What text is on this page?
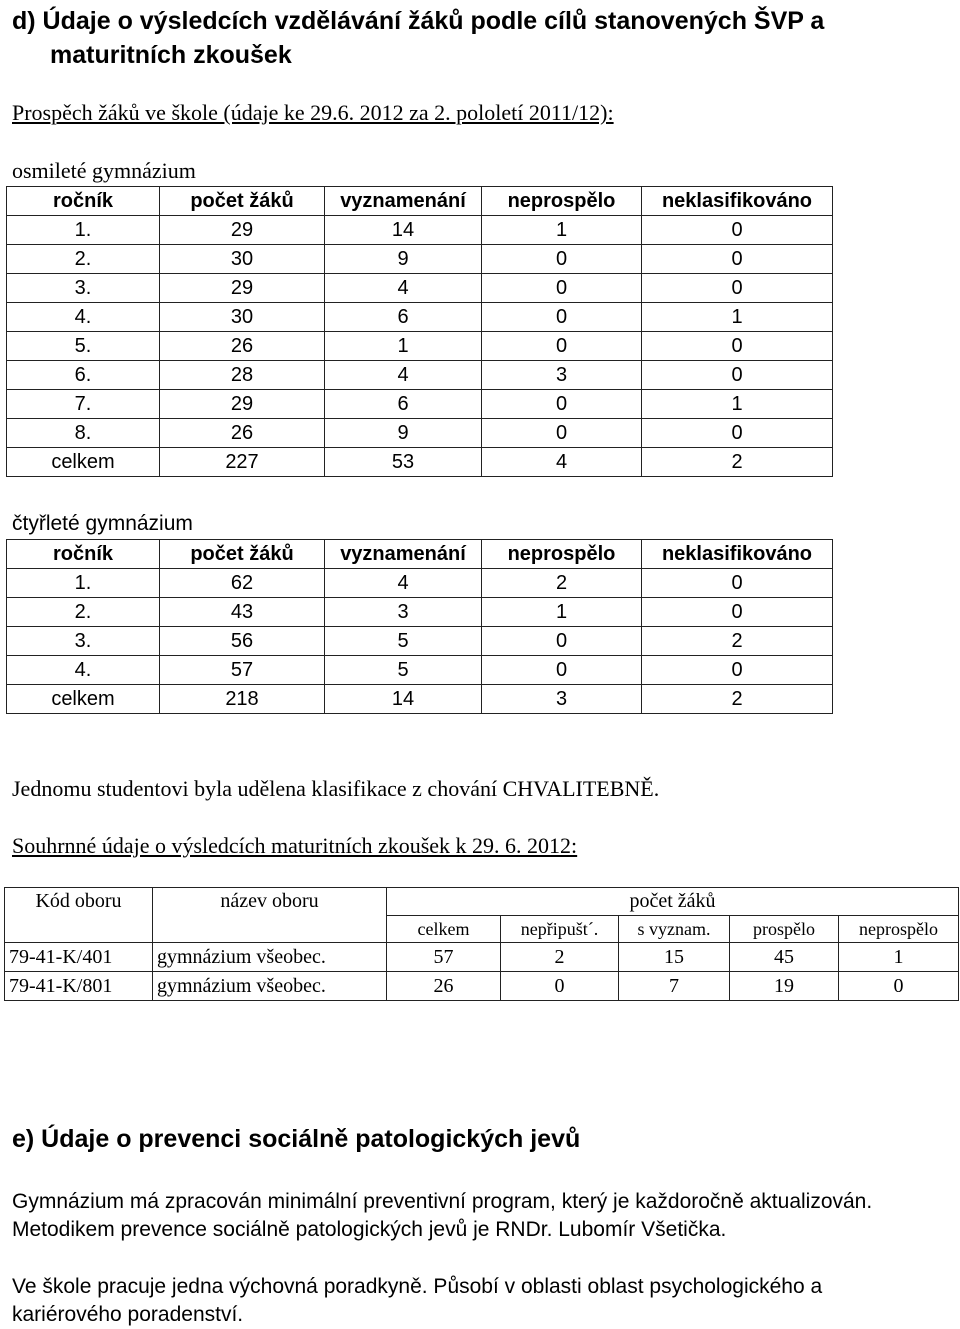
d) Údaje o výsledcích vzdělávání žáků podle cílů stanovených ŠVP a
maturitních zkoušek
Prospěch žáků ve škole (údaje ke 29.6. 2012 za 2. pololetí 2011/12):
osmileté gymnázium
ročník	počet žáků	vyznamenání	neprospělo	neklasifikováno
1.	29	14	1	0
2.	30	9	0	0
3.	29	4	0	0
4.	30	6	0	1
5.	26	1	0	0
6.	28	4	3	0
7.	29	6	0	1
8.	26	9	0	0
celkem	227	53	4	2
čtyřleté gymnázium
ročník	počet žáků	vyznamenání	neprospělo	neklasifikováno
1.	62	4	2	0
2.	43	3	1	0
3.	56	5	0	2
4.	57	5	0	0
celkem	218	14	3	2
Jednomu studentovi byla udělena klasifikace z chování CHVALITEBNĚ.
Souhrnné údaje o výsledcích maturitních zkoušek k 29. 6. 2012:
Kód oboru	název oboru	počet žáků				
		celkem	nepřipušt´.	s vyznam.	prospělo	neprospělo
79-41-K/401	gymnázium všeobec.	57	2	15	45	1
79-41-K/801	gymnázium všeobec.	26	0	7	19	0
e) Údaje o prevenci sociálně patologických jevů
Gymnázium má zpracován minimální preventivní program, který je každoročně aktualizován.
Metodikem prevence sociálně patologických jevů je RNDr. Lubomír Všetička.
Ve škole pracuje jedna výchovná poradkyně. Působí v oblasti oblast psychologického a
kariérového poradenství.
